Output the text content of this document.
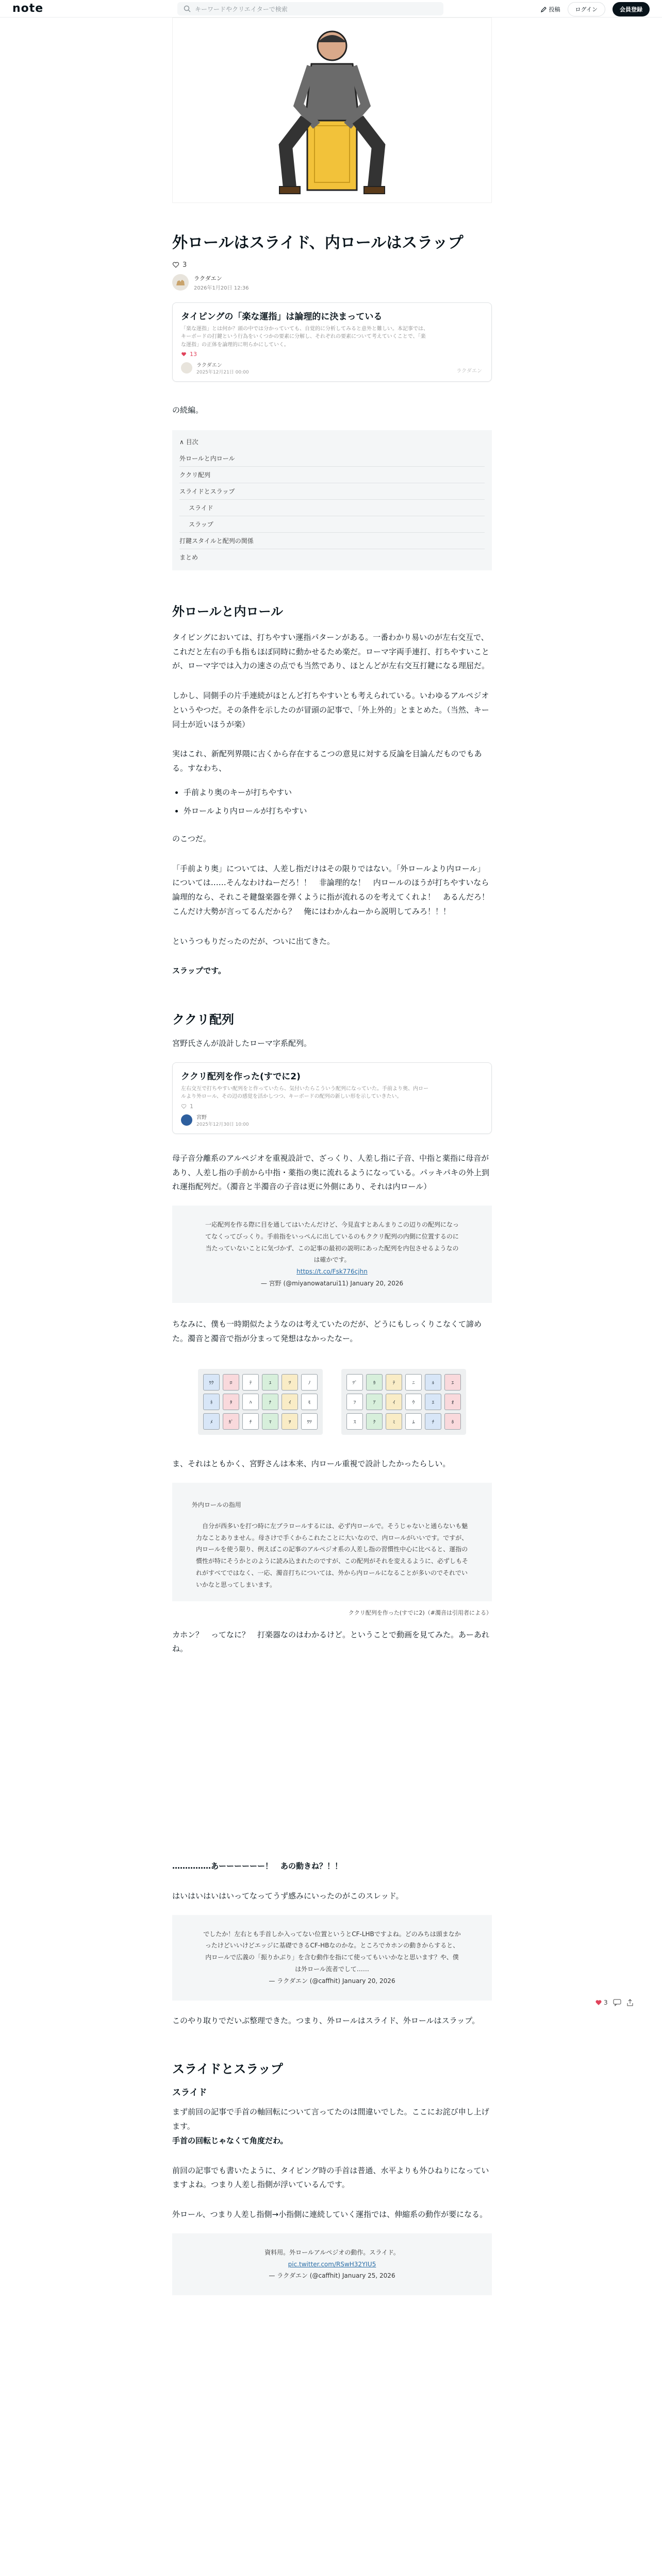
note	キーワードやクリエイターで検索	投稿	ログイン	会員登録
外ロールはスライド、内ロールはスラップ
3
ラクダエン
2026年1月20日 12:36
タイピングの「楽な運指」は論理的に決まっている
「楽な運指」とは何か？頭の中では分かっていても、自覚的に分析してみると意外と難しい。本記事では、キーボードの打鍵という行為をいくつかの要素に分解し、それぞれの要素について考えていくことで、「楽な運指」の正体を論理的に明らかにしていく。
13
ラクダエン
2025年12月21日 00:00	ラクダエン

の続編。

∧ 目次
外ロールと内ロール
ククリ配列
スライドとスラップ
スライド
スラップ
打鍵スタイルと配列の関係
まとめ
外ロールと内ロール

タイピングにおいては、打ちやすい運指パターンがある。一番わかり易いのが左右交互で、これだと左右の手も指もほぼ同時に動かせるため楽だ。ローマ字両手連打、打ちやすいことが、ローマ字では入力の速さの点でも当然であり、ほとんどが左右交互打鍵になる理屈だ。

しかし、同側手の片手連続がほとんど打ちやすいとも考えられている。いわゆるアルペジオというやつだ。その条件を示したのが冒頭の記事で、「外上外的」とまとめた。（当然、キー同士が近いほうが楽）

実はこれ、新配列界隈に古くから存在するこつの意見に対する反論を目論んだものでもある。すなわち、

• 手前より奥のキーが打ちやすい
• 外ロールより内ロールが打ちやすい

のこつだ。

「手前より奥」については、人差し指だけはその限りではない。「外ロールより内ロール」については……そんなわけねーだろ！！　非論理的な！　内ロールのほうが打ちやすいなら論理的なら、それこそ鍵盤楽器を弾くように指が流れるのを考えてくれよ！　あるんだろ！　こんだけ大勢が言ってるんだから？　俺にはわかんねーから説明してみろ！！！

というつもりだったのだが、ついに出てきた。

スラップです。

ククリ配列

宮野氏さんが設計したローマ字系配列。

ククリ配列を作った(すでに2)
左右交互で打ちやすい配列をと作っていたら、気付いたらこういう配列になっていた。手前より奥、内ロールより外ロール、その辺の感覚を活かしつつ、キーボードの配列の新しい形を示していきたい。
1
宮野
2025年12月30日 10:00

母子音分離系のアルペジオを重視設計で、ざっくり、人差し指に子音、中指と薬指に母音があり、人差し指の手前から中指・薬指の奥に流れるようになっている。パッキパキの外上到れ運指配列だ。（濁音と半濁音の子音は更に外側にあり、それは内ロール）

一応配列を作る際に目を通してはいたんだけど、今見直すとあんまりこの辺りの配列になってなくってびっくり。手前指をいっぺんに出しているのもククリ配列の内側に位置するのに当たっていないことに気づかず、この記事の最初の説明にあった配列を内包させるようなのは確かです。
https://t.co/Fsk776cjhn
— 宮野 (@miyanowatarui11) January 20, 2026

ちなみに、僕も一時期似たようなのは考えていたのだが、どうにもしっくりこなくて諦めた。濁音と濁音で指が分まって発想はなかったなー。

ﾜｸ	ﾛ	ﾃ	ﾕ	ﾂ	ﾉ
ﾈ	ﾀ	ﾊ	ﾅ	ｲ	ﾓ
ﾒ	ｶﾞ	ﾁ	ﾏ	ｦ	ﾜﾂ
ﾂﾞ	ｶ	ﾃ	ﾆ	ﾙ	ｴ
ﾌ	ｱ	ｲ	ｳ	ｴ	ｵ
ｽ	ｸ	ﾐ	ﾑ	ﾁ	ﾎ

ま、それはともかく、宮野さんは本来、内ロール重視で設計したかったらしい。

外内ロールの指用
自分が西多いを打つ時に左ブラロールするには、必ず内ロールで。そうじゃないと通らないも魅力なことありません。母さけで手くからこれたことに大いなので、内ロールがいいです。ですが、内ロールを使う限り、例えばこの記事のアルペジオ系の人差し指の習慣性中心に比べると、運指の慣性が特にそうかとのように読み込まれたのですが、この配列がそれを変えるように、必ずしもそれがすべてではなく、一応、濁音打ちについては、外から内ロールになることが多いのでそれでいいかなと思ってしまいます。
ククリ配列を作った(すでに2)（#濁音は引用者による）

カホン？　ってなに？　打楽器なのはわかるけど。ということで動画を見てみた。あーあれね。

……………あーーーーーー！　あの動きね？！！

はいはいはいはいってなってうず感みにいったのがこのスレッド。

でしたか！左右とも手首しか入ってない位置というとCF-LHBですよね。どのみちは頭まなかったけどいいけどエッジに基礎できるCF-HBなのかな。ところでカホンの動きからすると、内ロールで広義の「振りかぶり」を含む動作を指にて使ってもいいかなと思います？や、僕は外ロール流者でして……
— ラクダエン (@caffhit) January 20, 2026

このやり取りでだいぶ整理できた。つまり、外ロールはスライド、外ロールはスラップ。

スライドとスラップ
スライド

まず前回の記事で手首の軸回転について言ってたのは間違いでした。ここにお詫び申し上げます。

手首の回転じゃなくて角度だわ。

前回の記事でも書いたように、タイピング時の手首は普通、水平よりも外ひねりになっていますよね。つまり人差し指側が浮いているんです。

外ロール、つまり人差し指側→小指側に連続していく運指では、伸縮系の動作が要になる。

資料用。外ロールアルペジオの動作。スライド。
pic.twitter.com/RSwH32YIU5
— ラクダエン (@caffhit) January 25, 2026
3
